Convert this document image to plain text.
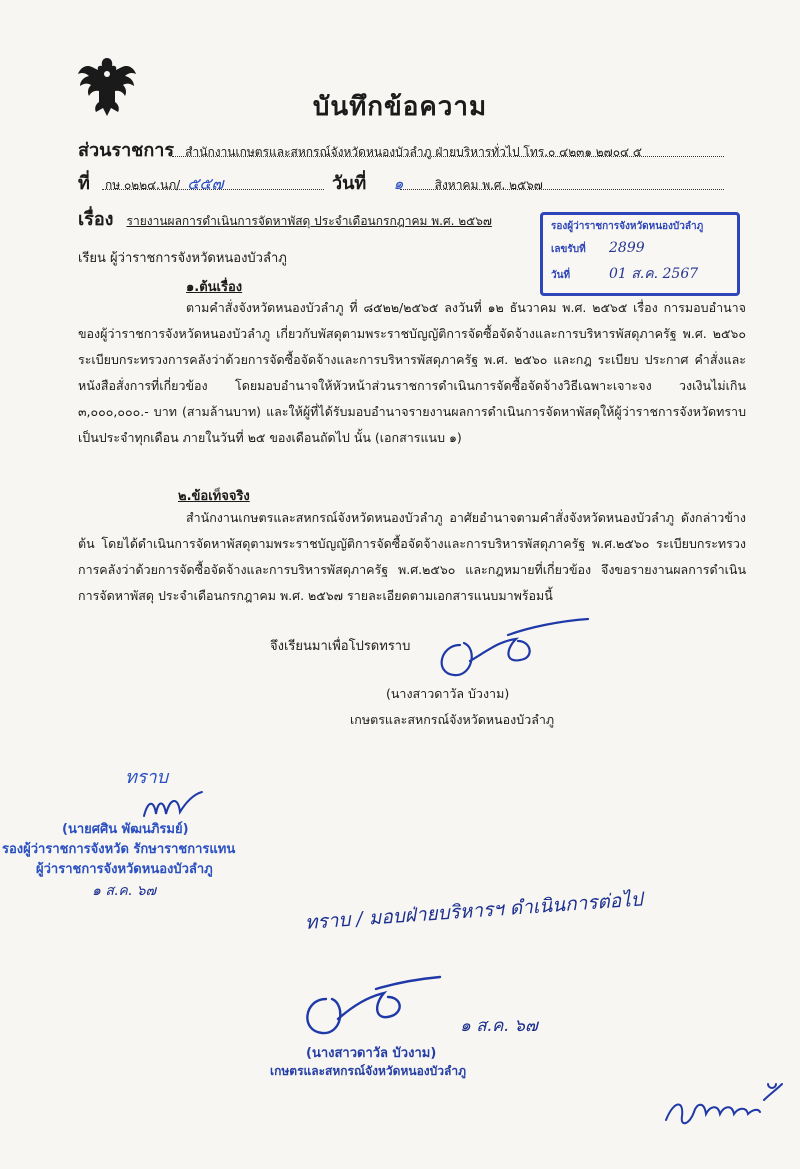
บันทึกข้อความ
ส่วนราชการ สำนักงานเกษตรและสหกรณ์จังหวัดหนองบัวลำภู ฝ่ายบริหารทั่วไป โทร.๐ ๔๒๓๑ ๒๗๐๔ ๕
ที่ กษ ๐๒๒๔.นภ/ ๕๕๗	วันที่ ๑	สิงหาคม พ.ศ. ๒๕๖๗
เรื่อง รายงานผลการดำเนินการจัดหาพัสดุ ประจำเดือนกรกฎาคม พ.ศ. ๒๕๖๗	รองผู้ว่าราชการจังหวัดหนองบัวลำภู
เลขรับที่	2899
วันที่	01 ส.ค. 2567
เรียน ผู้ว่าราชการจังหวัดหนองบัวลำภู
๑.ต้นเรื่อง
ตามคำสั่งจังหวัดหนองบัวลำภู ที่ ๘๕๒๒/๒๕๖๕ ลงวันที่ ๑๒ ธันวาคม พ.ศ. ๒๕๖๕ เรื่อง การมอบอำนาจของผู้ว่าราชการจังหวัดหนองบัวลำภู เกี่ยวกับพัสดุตามพระราชบัญญัติการจัดซื้อจัดจ้างและการบริหารพัสดุภาครัฐ พ.ศ. ๒๕๖๐ ระเบียบกระทรวงการคลังว่าด้วยการจัดซื้อจัดจ้างและการบริหารพัสดุภาครัฐ พ.ศ. ๒๕๖๐ และกฎ ระเบียบ ประกาศ คำสั่งและหนังสือสั่งการที่เกี่ยวข้อง โดยมอบอำนาจให้หัวหน้าส่วนราชการดำเนินการจัดซื้อจัดจ้างวิธีเฉพาะเจาะจง วงเงินไม่เกิน ๓,๐๐๐,๐๐๐.- บาท (สามล้านบาท) และให้ผู้ที่ได้รับมอบอำนาจรายงานผลการดำเนินการจัดหาพัสดุให้ผู้ว่าราชการจังหวัดทราบเป็นประจำทุกเดือน ภายในวันที่ ๒๕ ของเดือนถัดไป นั้น (เอกสารแนบ ๑)
๒.ข้อเท็จจริง
สำนักงานเกษตรและสหกรณ์จังหวัดหนองบัวลำภู อาศัยอำนาจตามคำสั่งจังหวัดหนองบัวลำภู ดังกล่าวข้างต้น โดยได้ดำเนินการจัดหาพัสดุตามพระราชบัญญัติการจัดซื้อจัดจ้างและการบริหารพัสดุภาครัฐ พ.ศ.๒๕๖๐ ระเบียบกระทรวงการคลังว่าด้วยการจัดซื้อจัดจ้างและการบริหารพัสดุภาครัฐ พ.ศ.๒๕๖๐ และกฎหมายที่เกี่ยวข้อง จึงขอรายงานผลการดำเนินการจัดหาพัสดุ ประจำเดือนกรกฎาคม พ.ศ. ๒๕๖๗ รายละเอียดตามเอกสารแนบมาพร้อมนี้
จึงเรียนมาเพื่อโปรดทราบ
(นางสาวดาวัล บัวงาม)
เกษตรและสหกรณ์จังหวัดหนองบัวลำภู
ทราบ
(นายศศิน พัฒนภิรมย์)
รองผู้ว่าราชการจังหวัด รักษาราชการแทน
ผู้ว่าราชการจังหวัดหนองบัวลำภู
๑ ส.ค. ๖๗	ทราบ / มอบฝ่ายบริหารฯ ดำเนินการต่อไป
๑ ส.ค. ๖๗
(นางสาวดาวัล บัวงาม)
เกษตรและสหกรณ์จังหวัดหนองบัวลำภู
